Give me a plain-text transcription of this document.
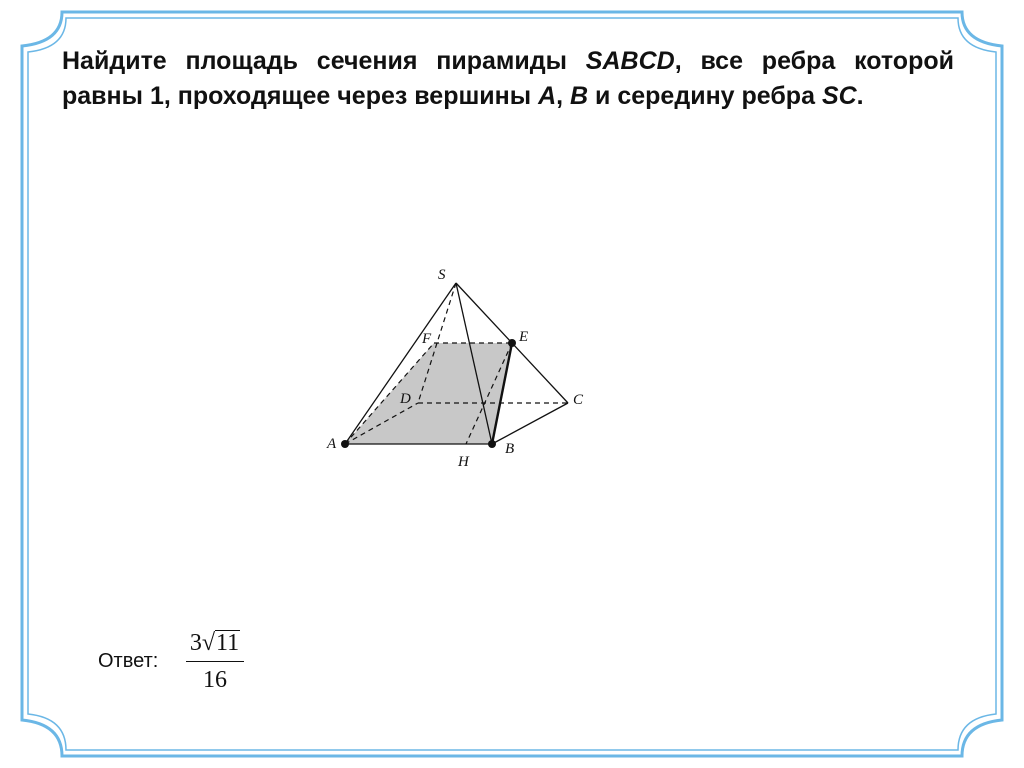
Найдите площадь сечения пирамиды SABCD, все ребра которой равны 1, проходящее через вершины A, B и середину ребра SC.

S
F	E
D	C
A	B
H
Ответ:
3√11
16
